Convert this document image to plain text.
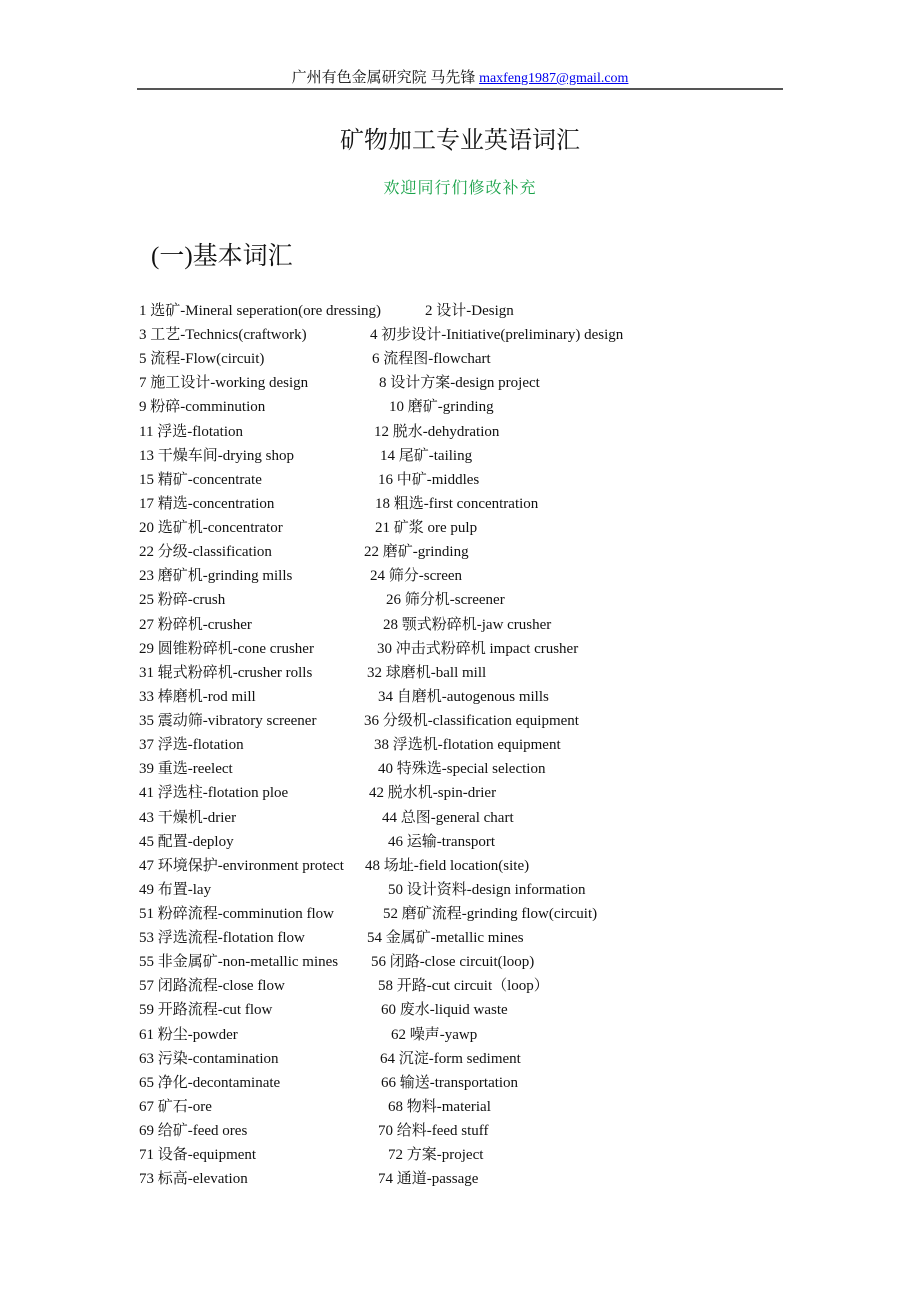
广州有色金属研究院 马先锋 maxfeng1987@gmail.com
矿物加工专业英语词汇
欢迎同行们修改补充
(一)基本词汇
1 选矿-Mineral seperation(ore dressing)	2 设计-Design
3 工艺-Technics(craftwork)	4 初步设计-Initiative(preliminary) design
5 流程-Flow(circuit)	6 流程图-flowchart
7 施工设计-working design	8 设计方案-design project
9 粉碎-comminution	10 磨矿-grinding
11 浮选-flotation	12 脱水-dehydration
13 干燥车间-drying shop	14 尾矿-tailing
15 精矿-concentrate	16 中矿-middles
17 精选-concentration	18 粗选-first concentration
20 选矿机-concentrator	21 矿浆 ore pulp
22 分级-classification	22 磨矿-grinding
23 磨矿机-grinding mills	24 筛分-screen
25 粉碎-crush	26 筛分机-screener
27 粉碎机-crusher	28 颚式粉碎机-jaw crusher
29 圆锥粉碎机-cone crusher	30 冲击式粉碎机 impact crusher
31 辊式粉碎机-crusher rolls	32 球磨机-ball mill
33 棒磨机-rod mill	34 自磨机-autogenous mills
35 震动筛-vibratory screener	36 分级机-classification equipment
37 浮选-flotation	38 浮选机-flotation equipment
39 重选-reelect	40 特殊选-special selection
41 浮选柱-flotation ploe	42 脱水机-spin-drier
43 干燥机-drier	44 总图-general chart
45 配置-deploy	46 运输-transport
47 环境保护-environment protect 48 场址-field location(site)
49 布置-lay	50 设计资料-design information
51 粉碎流程-comminution flow	52 磨矿流程-grinding flow(circuit)
53 浮选流程-flotation flow	54 金属矿-metallic mines
55 非金属矿-non-metallic mines 56 闭路-close circuit(loop)
57 闭路流程-close flow	58 开路-cut circuit（loop）
59 开路流程-cut flow	60 废水-liquid waste
61 粉尘-powder	62 噪声-yawp
63 污染-contamination	64 沉淀-form sediment
65 净化-decontaminate	66 输送-transportation
67 矿石-ore	68 物料-material
69 给矿-feed ores	70 给料-feed stuff
71 设备-equipment	72 方案-project
73 标高-elevation	74 通道-passage
